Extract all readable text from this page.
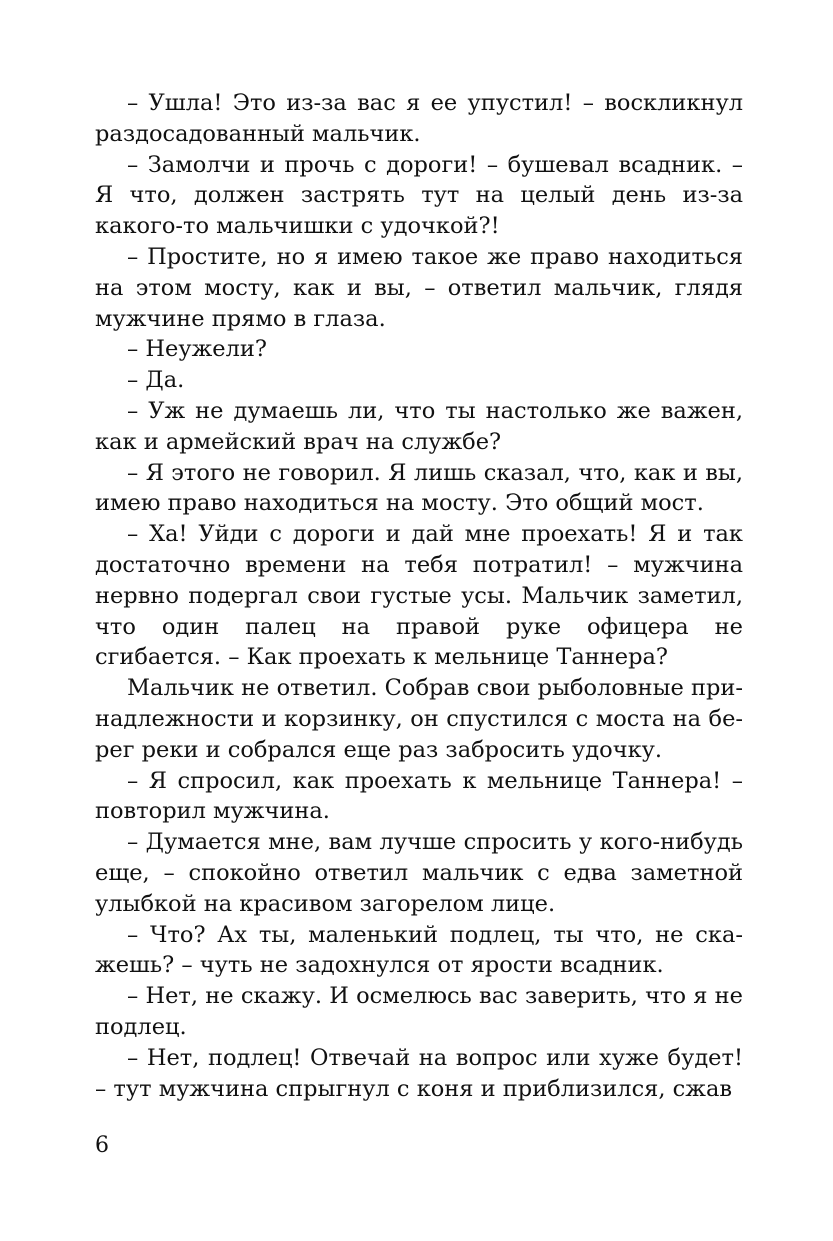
– Ушла! Это из-за вас я ее упустил! – воскликнул раздосадованный мальчик.

– Замолчи и прочь с дороги! – бушевал всадник. – Я что, должен застрять тут на целый день из-за какого-то мальчишки с удочкой?!

– Простите, но я имею такое же право находиться на этом мосту, как и вы, – ответил мальчик, глядя мужчине прямо в глаза.

– Неужели?

– Да.

– Уж не думаешь ли, что ты настолько же важен, как и армейский врач на службе?

– Я этого не говорил. Я лишь сказал, что, как и вы, имею право находиться на мосту. Это общий мост.

– Ха! Уйди с дороги и дай мне проехать! Я и так достаточно времени на тебя потратил! – мужчина нервно подергал свои густые усы. Мальчик заметил, что один палец на правой руке офицера не сгибается. – Как проехать к мельнице Таннера?

Мальчик не ответил. Собрав свои рыболовные принадлежности и корзинку, он спустился с моста на берег реки и собрался еще раз забросить удочку.

– Я спросил, как проехать к мельнице Таннера! – повторил мужчина.

– Думается мне, вам лучше спросить у кого-нибудь еще, – спокойно ответил мальчик с едва заметной улыбкой на красивом загорелом лице.

– Что? Ах ты, маленький подлец, ты что, не скажешь? – чуть не задохнулся от ярости всадник.

– Нет, не скажу. И осмелюсь вас заверить, что я не подлец.

– Нет, подлец! Отвечай на вопрос или хуже будет! – тут мужчина спрыгнул с коня и приблизился, сжав

6
